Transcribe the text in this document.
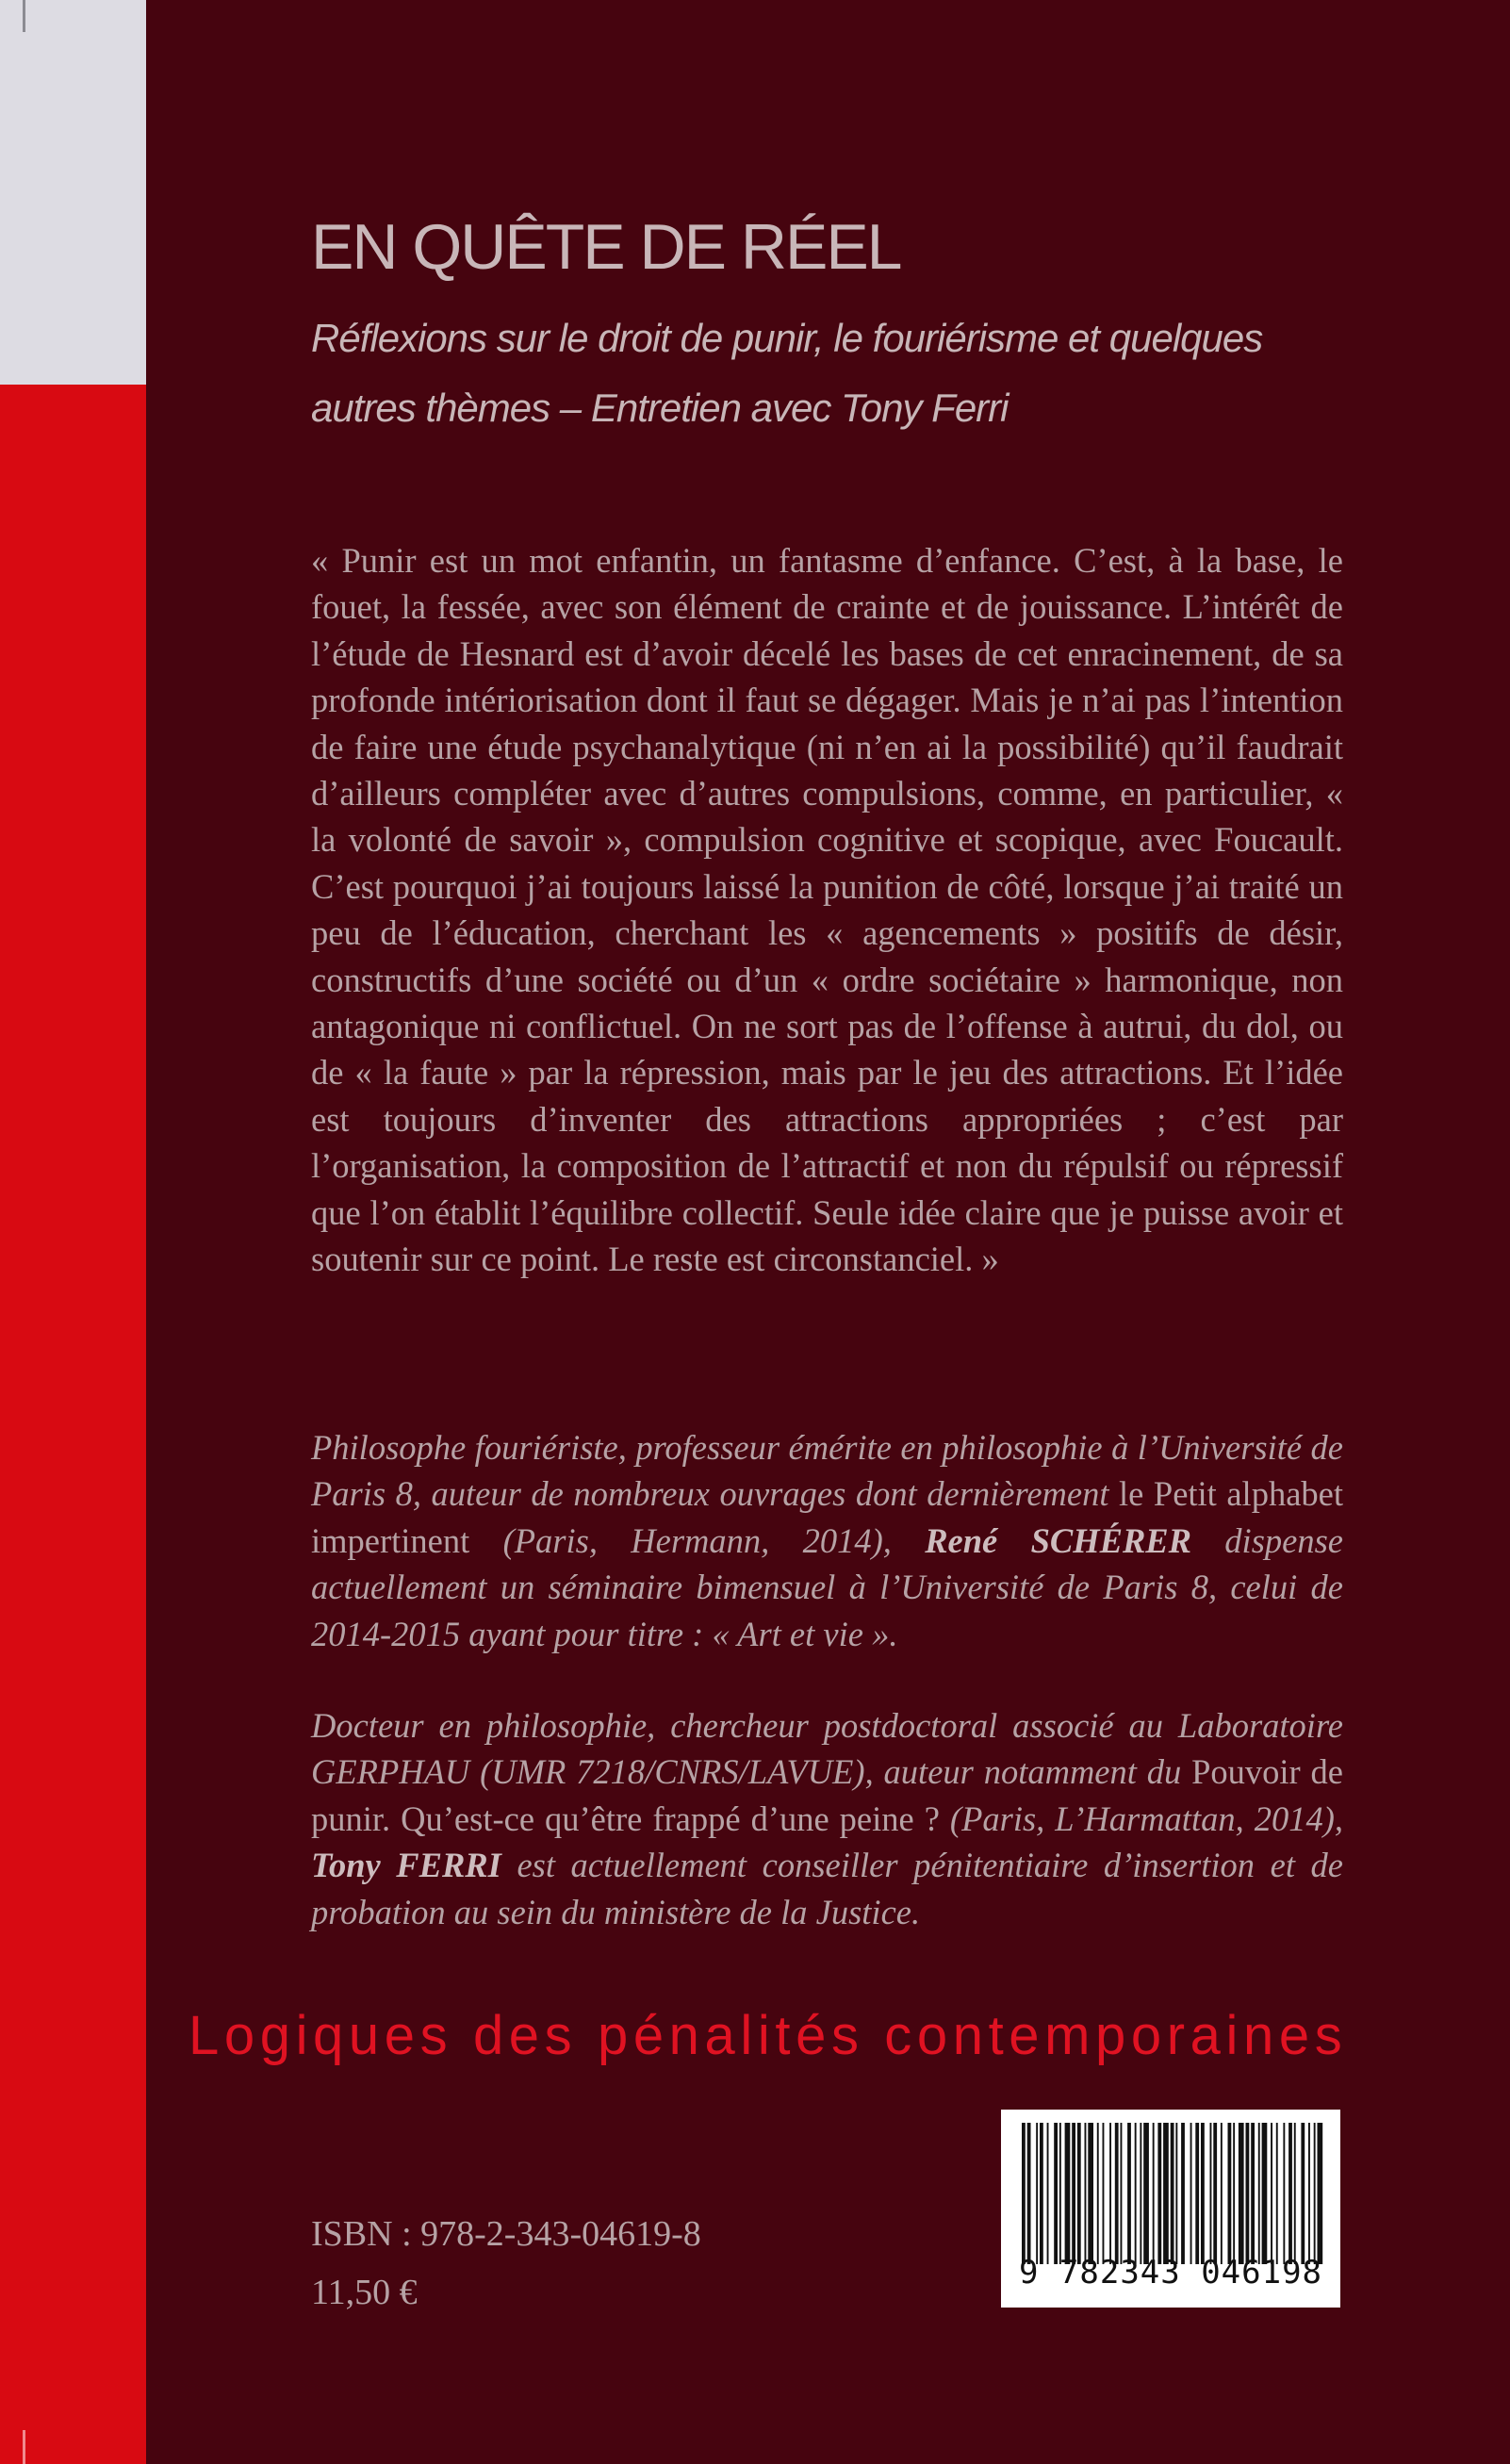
EN QUÊTE DE RÉEL

Réflexions sur le droit de punir, le fouriérisme et quelques autres thèmes – Entretien avec Tony Ferri

« Punir est un mot enfantin, un fantasme d’enfance. C’est, à la base, le fouet, la fessée, avec son élément de crainte et de jouissance. L’intérêt de l’étude de Hesnard est d’avoir décelé les bases de cet enracinement, de sa profonde intériorisation dont il faut se dégager. Mais je n’ai pas l’intention de faire une étude psychanalytique (ni n’en ai la possibilité) qu’il faudrait d’ailleurs compléter avec d’autres compulsions, comme, en particulier, « la volonté de savoir », compulsion cognitive et scopique, avec Foucault. C’est pourquoi j’ai toujours laissé la punition de côté, lorsque j’ai traité un peu de l’éducation, cherchant les « agencements » positifs de désir, constructifs d’une société ou d’un « ordre sociétaire » harmonique, non antagonique ni conflictuel. On ne sort pas de l’offense à autrui, du dol, ou de « la faute » par la répression, mais par le jeu des attractions. Et l’idée est toujours d’inventer des attractions appropriées ; c’est par l’organisation, la composition de l’attractif et non du répulsif ou répressif que l’on établit l’équilibre collectif. Seule idée claire que je puisse avoir et soutenir sur ce point. Le reste est circonstanciel. »

Philosophe fouriériste, professeur émérite en philosophie à l’Université de Paris 8, auteur de nombreux ouvrages dont dernièrement le Petit alphabet impertinent (Paris, Hermann, 2014), René SCHÉRER dispense actuellement un séminaire bimensuel à l’Université de Paris 8, celui de 2014-2015 ayant pour titre : « Art et vie ».

Docteur en philosophie, chercheur postdoctoral associé au Laboratoire GERPHAU (UMR 7218/CNRS/LAVUE), auteur notamment du Pouvoir de punir. Qu’est-ce qu’être frappé d’une peine ? (Paris, L’Harmattan, 2014), Tony FERRI est actuellement conseiller pénitentiaire d’insertion et de probation au sein du ministère de la Justice.

Logiques des pénalités contemporaines

ISBN : 978-2-343-04619-8

11,50 €	9 782343 046198
